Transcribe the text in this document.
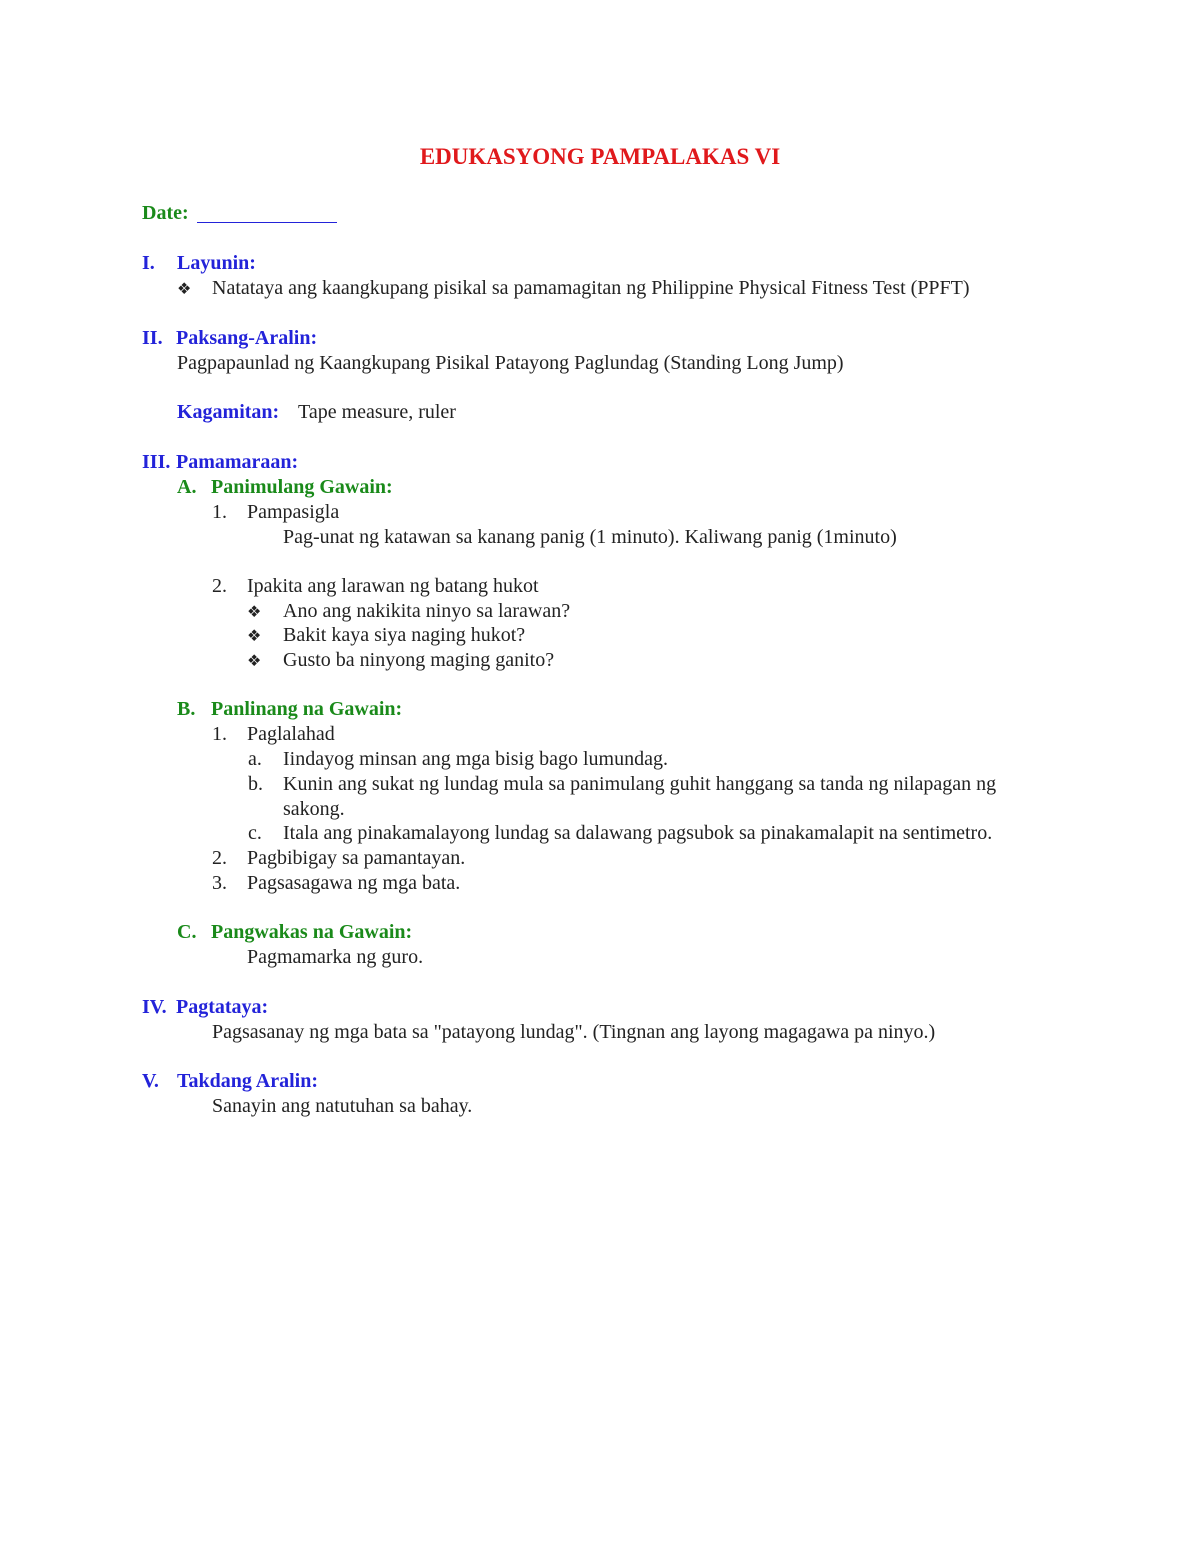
EDUKASYONG PAMPALAKAS VI
Date:
I. Layunin:
❖ Natataya ang kaangkupang pisikal sa pamamagitan ng Philippine Physical Fitness Test (PPFT)
II. Paksang-Aralin:
Pagpapaunlad ng Kaangkupang Pisikal Patayong Paglundag (Standing Long Jump)
Kagamitan: Tape measure, ruler
III. Pamamaraan:
A. Panimulang Gawain:
1. Pampasigla
Pag-unat ng katawan sa kanang panig (1 minuto). Kaliwang panig (1minuto)
2. Ipakita ang larawan ng batang hukot
❖ Ano ang nakikita ninyo sa larawan?
❖ Bakit kaya siya naging hukot?
❖ Gusto ba ninyong maging ganito?
B. Panlinang na Gawain:
1. Paglalahad
a. Iindayog minsan ang mga bisig bago lumundag.
b. Kunin ang sukat ng lundag mula sa panimulang guhit hanggang sa tanda ng nilapagan ng
sakong.
c. Itala ang pinakamalayong lundag sa dalawang pagsubok sa pinakamalapit na sentimetro.
2. Pagbibigay sa pamantayan.
3. Pagsasagawa ng mga bata.
C. Pangwakas na Gawain:
Pagmamarka ng guro.
IV. Pagtataya:
Pagsasanay ng mga bata sa "patayong lundag". (Tingnan ang layong magagawa pa ninyo.)
V. Takdang Aralin:
Sanayin ang natutuhan sa bahay.
